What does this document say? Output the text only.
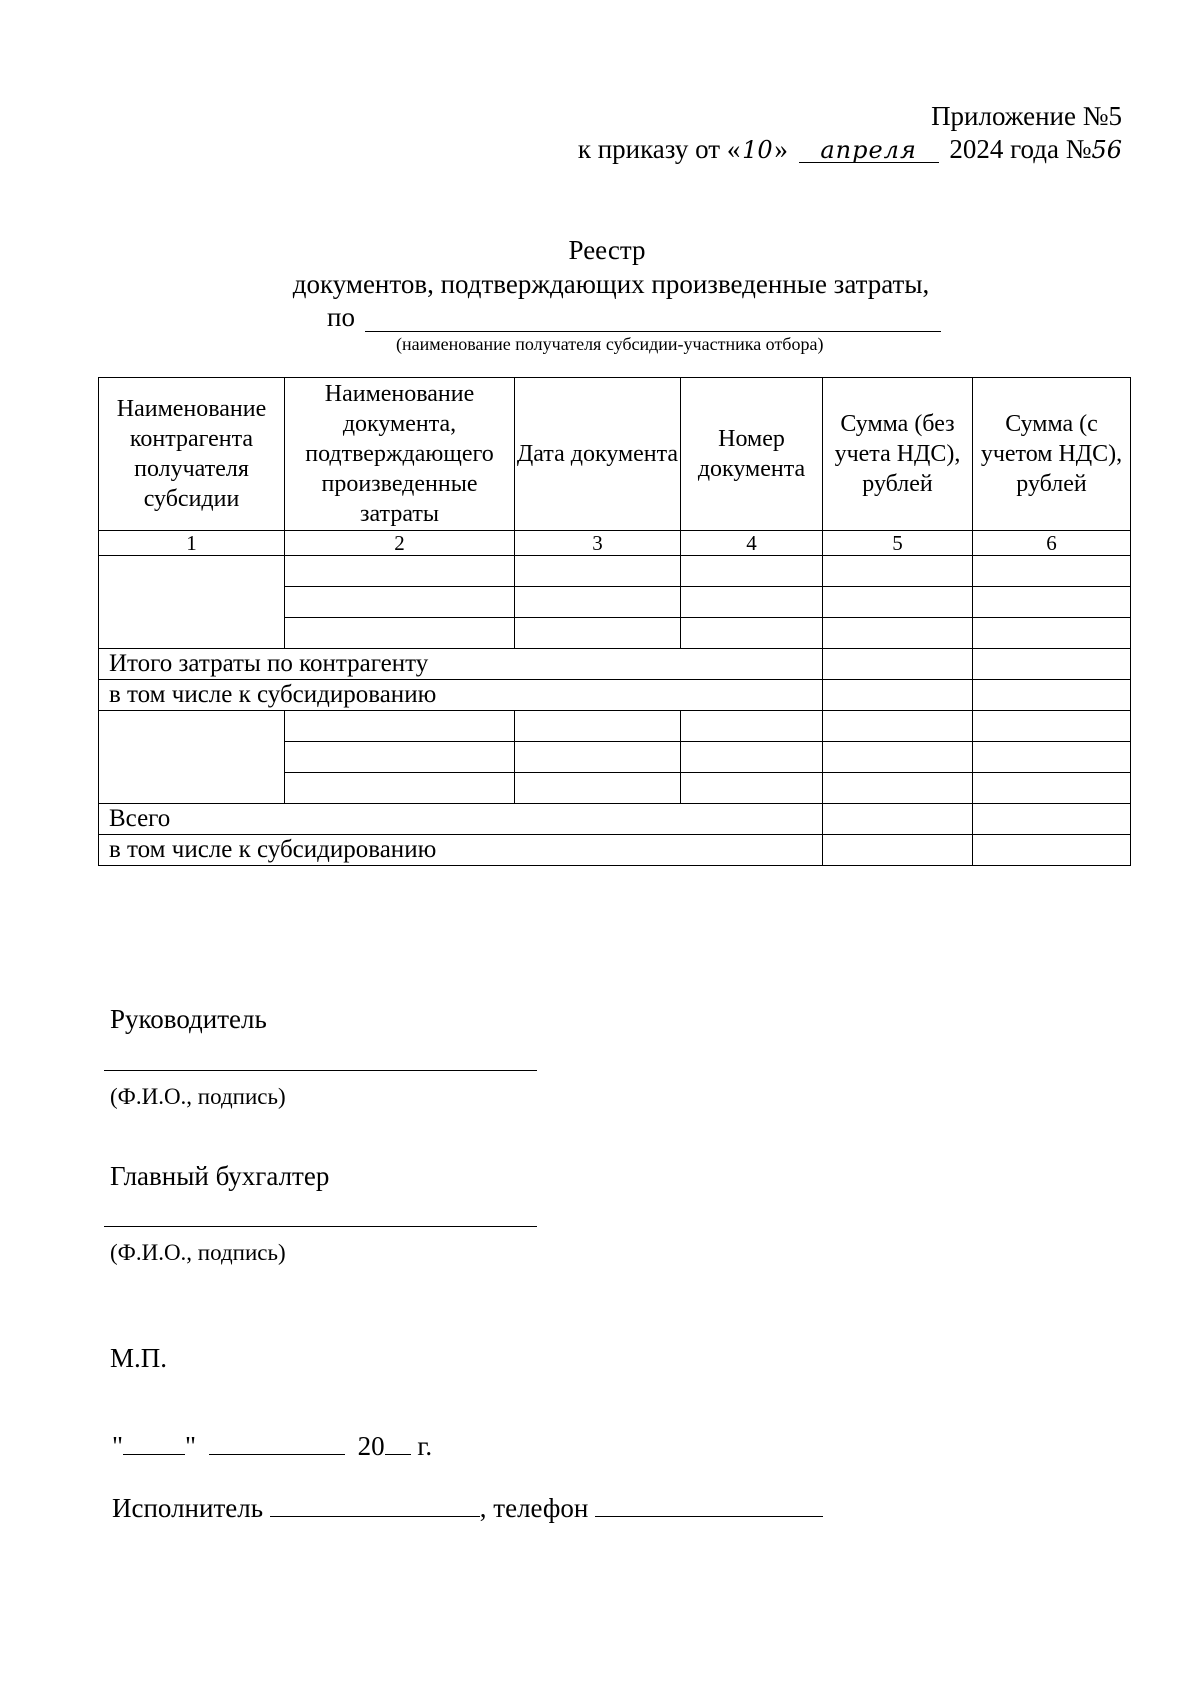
Приложение №5
к приказу от «10» апреля 2024 года №56
Реестр
документов, подтверждающих произведенные затраты,
по
(наименование получателя субсидии-участника отбора)
Наименование контрагента получателя субсидии	Наименование документа, подтверждающего произведенные затраты	Дата документа	Номер документа	Сумма (без учета НДС), рублей	Сумма (с учетом НДС), рублей
1	2	3	4	5	6

Итого затраты по контрагенту					
в том числе к субсидированию					

Всего					
в том числе к субсидированию					
Руководитель
(Ф.И.О., подпись)
Главный бухгалтер
(Ф.И.О., подпись)
М.П.
" "	20 г.
Исполнитель	, телефон
